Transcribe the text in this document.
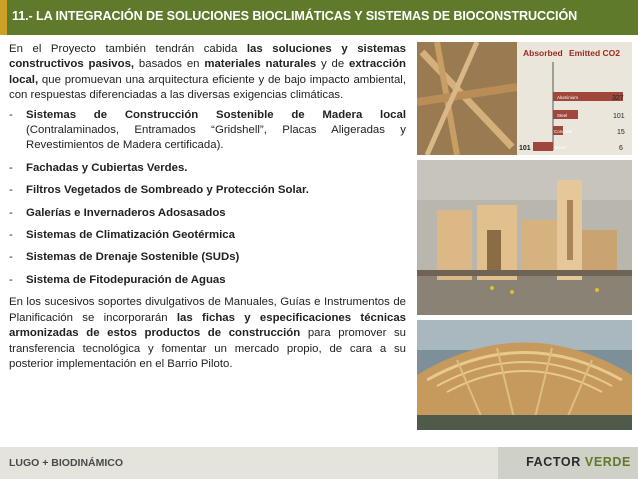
11.- LA INTEGRACIÓN DE SOLUCIONES BIOCLIMÁTICAS Y SISTEMAS DE BIOCONSTRUCCIÓN

En el Proyecto también tendrán cabida las soluciones y sistemas constructivos pasivos, basados en materiales naturales y de extracción local, que promuevan una arquitectura eficiente y de bajo impacto ambiental, con respuestas diferenciadas a las diversas exigencias climáticas.

- Sistemas de Construcción Sostenible de Madera local (Contralaminados, Entramados “Gridshell”, Placas Aligeradas y Revestimientos de Madera certificada).
- Fachadas y Cubiertas Verdes.
- Filtros Vegetados de Sombreado y Protección Solar.
- Galerías e Invernaderos Adosasados
- Sistemas de Climatización Geotérmica
- Sistemas de Drenaje Sostenible (SUDs)
- Sistema de Fitodepuración de Aguas

En los sucesivos soportes divulgativos de Manuales, Guías e Instrumentos de Planificación se incorporarán las fichas y especificaciones técnicas armonizadas de estos productos de construcción para promover su transferencia tecnológica y fomentar un mercado propio, de cara a su posterior implementación en el Barrio Piloto.

Absorbed Emitted CO2
Aluminium
Steel
Concrete
Wood
327
101
15
6
101
LUGO + BIODINÁMICO	FACTOR VERDE
